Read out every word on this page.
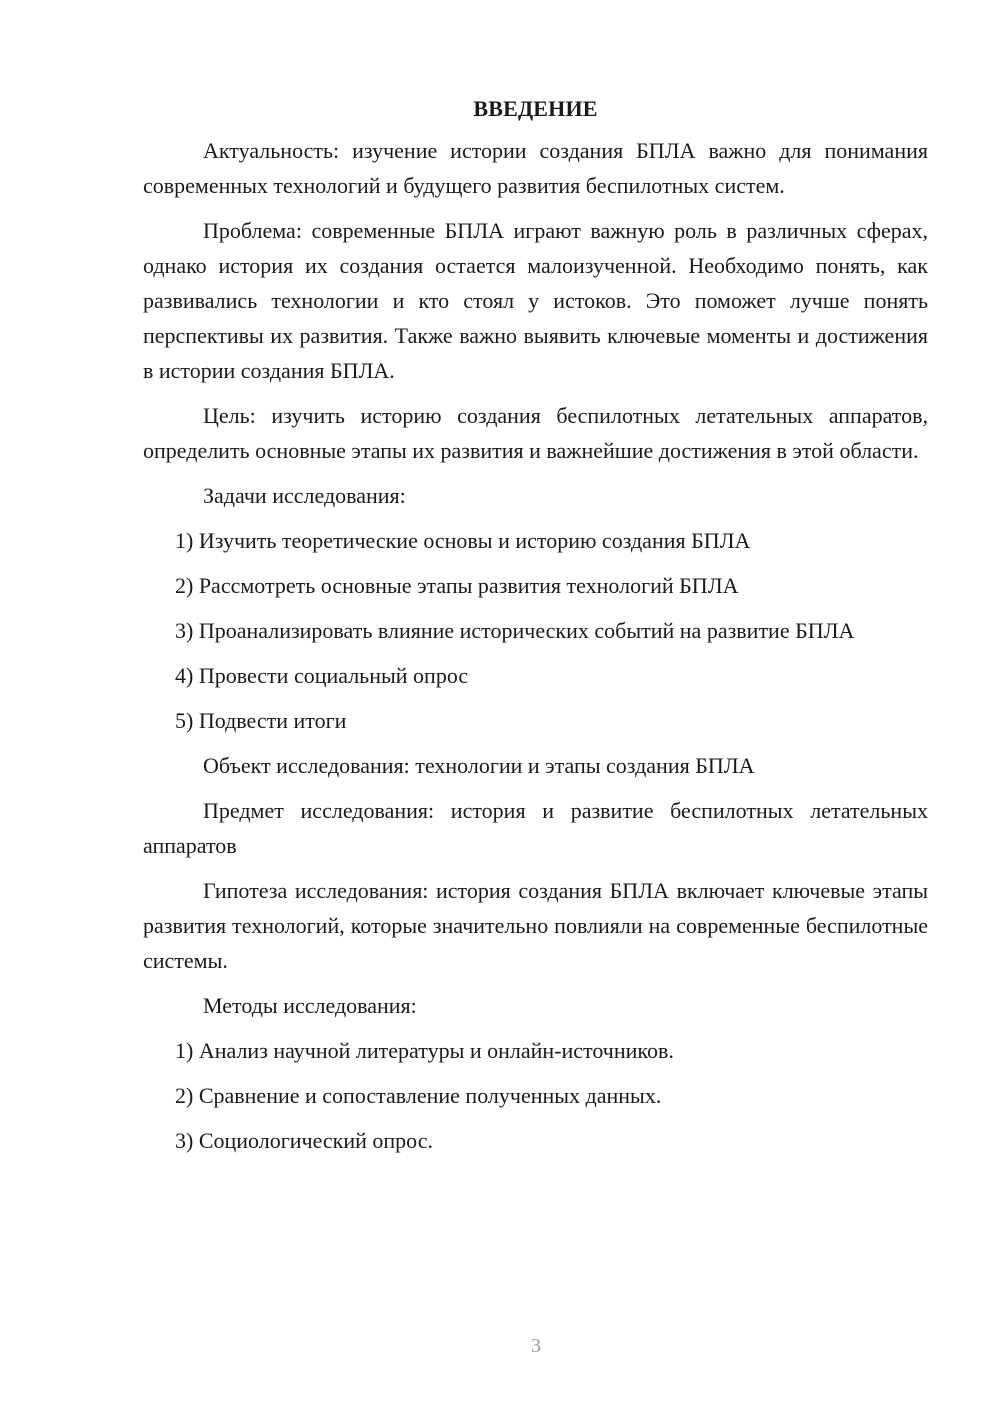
ВВЕДЕНИЕ

Актуальность: изучение истории создания БПЛА важно для понимания современных технологий и будущего развития беспилотных систем.

Проблема: современные БПЛА играют важную роль в различных сферах, однако история их создания остается малоизученной. Необходимо понять, как развивались технологии и кто стоял у истоков. Это поможет лучше понять перспективы их развития. Также важно выявить ключевые моменты и достижения в истории создания БПЛА.

Цель: изучить историю создания беспилотных летательных аппаратов, определить основные этапы их развития и важнейшие достижения в этой области.

Задачи исследования:

1) Изучить теоретические основы и историю создания БПЛА

2) Рассмотреть основные этапы развития технологий БПЛА

3) Проанализировать влияние исторических событий на развитие БПЛА

4) Провести социальный опрос

5) Подвести итоги

Объект исследования: технологии и этапы создания БПЛА

Предмет исследования: история и развитие беспилотных летательных аппаратов

Гипотеза исследования: история создания БПЛА включает ключевые этапы развития технологий, которые значительно повлияли на современные беспилотные системы.

Методы исследования:

1) Анализ научной литературы и онлайн-источников.

2) Сравнение и сопоставление полученных данных.

3) Социологический опрос.

3
